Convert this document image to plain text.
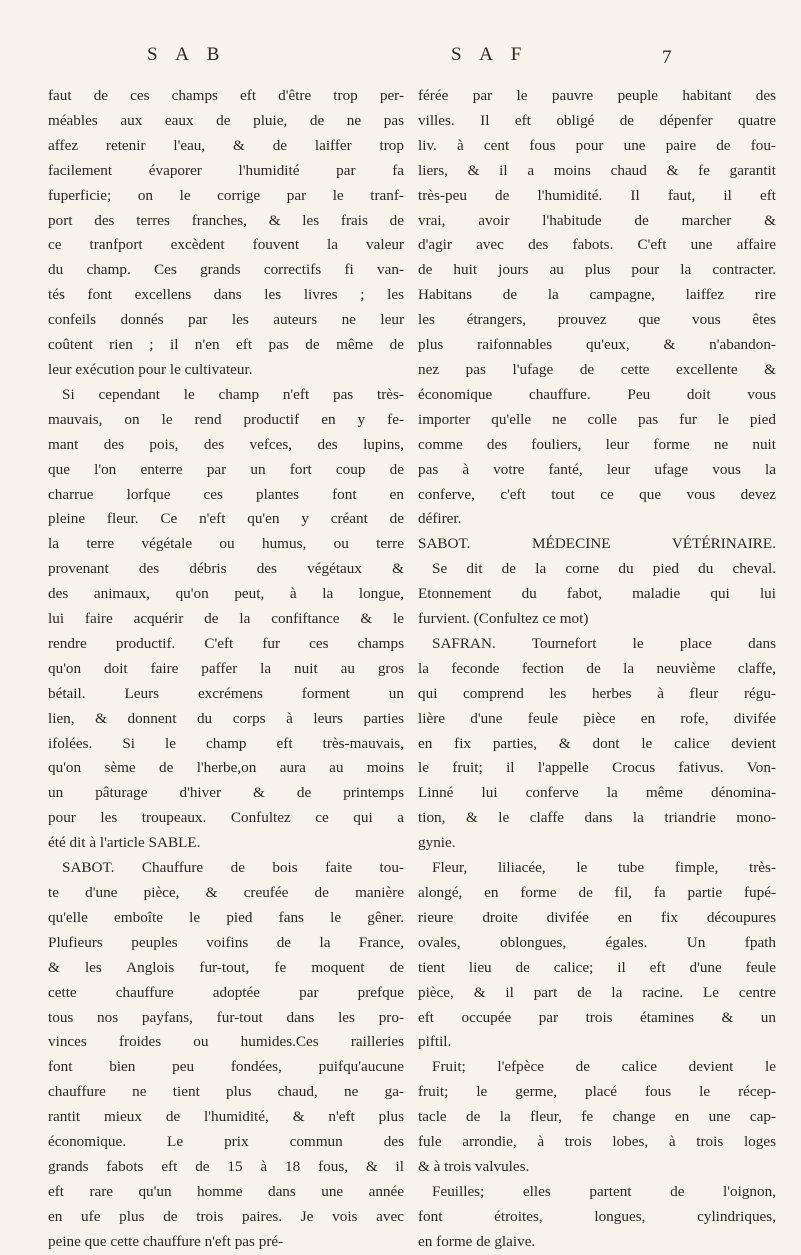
S A B	S A F	7
faut de ces champs eft d'être trop per-
méables aux eaux de pluie, de ne pas
affez retenir l'eau, & de laiffer trop
facilement évaporer l'humidité par fa
fuperficie; on le corrige par le tranf-
port des terres franches, & les frais de
ce tranfport excèdent fouvent la valeur
du champ. Ces grands correctifs fi van-
tés font excellens dans les livres ; les
confeils donnés par les auteurs ne leur
coûtent rien ; il n'en eft pas de même de
leur exécution pour le cultivateur.
Si cependant le champ n'eft pas très-
mauvais, on le rend productif en y fe-
mant des pois, des vefces, des lupins,
que l'on enterre par un fort coup de
charrue lorfque ces plantes font en
pleine fleur. Ce n'eft qu'en y créant de
la terre végétale ou humus, ou terre
provenant des débris des végétaux &
des animaux, qu'on peut, à la longue,
lui faire acquérir de la confiftance & le
rendre productif. C'eft fur ces champs
qu'on doit faire paffer la nuit au gros
bétail. Leurs excrémens forment un
lien, & donnent du corps à leurs parties
ifolées. Si le champ eft très-mauvais,
qu'on sème de l'herbe,on aura au moins
un pâturage d'hiver & de printemps
pour les troupeaux. Confultez ce qui a
été dit à l'article SABLE.
SABOT. Chauffure de bois faite tou-
te d'une pièce, & creufée de manière
qu'elle emboîte le pied fans le gêner.
Plufieurs peuples voifins de la France,
& les Anglois fur-tout, fe moquent de
cette chauffure adoptée par prefque
tous nos payfans, fur-tout dans les pro-
vinces froides ou humides.Ces railleries
font bien peu fondées, puifqu'aucune
chauffure ne tient plus chaud, ne ga-
rantit mieux de l'humidité, & n'eft plus
économique. Le prix commun des
grands fabots eft de 15 à 18 fous, & il
eft rare qu'un homme dans une année
en ufe plus de trois paires. Je vois avec
peine que cette chauffure n'eft pas pré-
férée par le pauvre peuple habitant des
villes. Il eft obligé de dépenfer quatre
liv. à cent fous pour une paire de fou-
liers, & il a moins chaud & fe garantit
très-peu de l'humidité. Il faut, il eft
vrai, avoir l'habitude de marcher &
d'agir avec des fabots. C'eft une affaire
de huit jours au plus pour la contracter.
Habitans de la campagne, laiffez rire
les étrangers, prouvez que vous êtes
plus raifonnables qu'eux, & n'abandon-
nez pas l'ufage de cette excellente &
économique chauffure. Peu doit vous
importer qu'elle ne colle pas fur le pied
comme des fouliers, leur forme ne nuit
pas à votre fanté, leur ufage vous la
conferve, c'eft tout ce que vous devez
défirer.
SABOT. MÉDECINE VÉTÉRINAIRE.
Se dit de la corne du pied du cheval.
Etonnement du fabot, maladie qui lui
furvient. (Confultez ce mot)
SAFRAN. Tournefort le place dans
la feconde fection de la neuvième claffe,
qui comprend les herbes à fleur régu-
lière d'une feule pièce en rofe, divifée
en fix parties, & dont le calice devient
le fruit; il l'appelle Crocus fativus. Von-
Linné lui conferve la même dénomina-
tion, & le claffe dans la triandrie mono-
gynie.
Fleur, liliacée, le tube fimple, très-
alongé, en forme de fil, fa partie fupé-
rieure droite divifée en fix découpures
ovales, oblongues, égales. Un fpath
tient lieu de calice; il eft d'une feule
pièce, & il part de la racine. Le centre
eft occupée par trois étamines & un
piftil.
Fruit; l'efpèce de calice devient le
fruit; le germe, placé fous le récep-
tacle de la fleur, fe change en une cap-
fule arrondie, à trois lobes, à trois loges
& à trois valvules.
Feuilles; elles partent de l'oignon,
font étroites, longues, cylindriques,
en forme de glaive.
